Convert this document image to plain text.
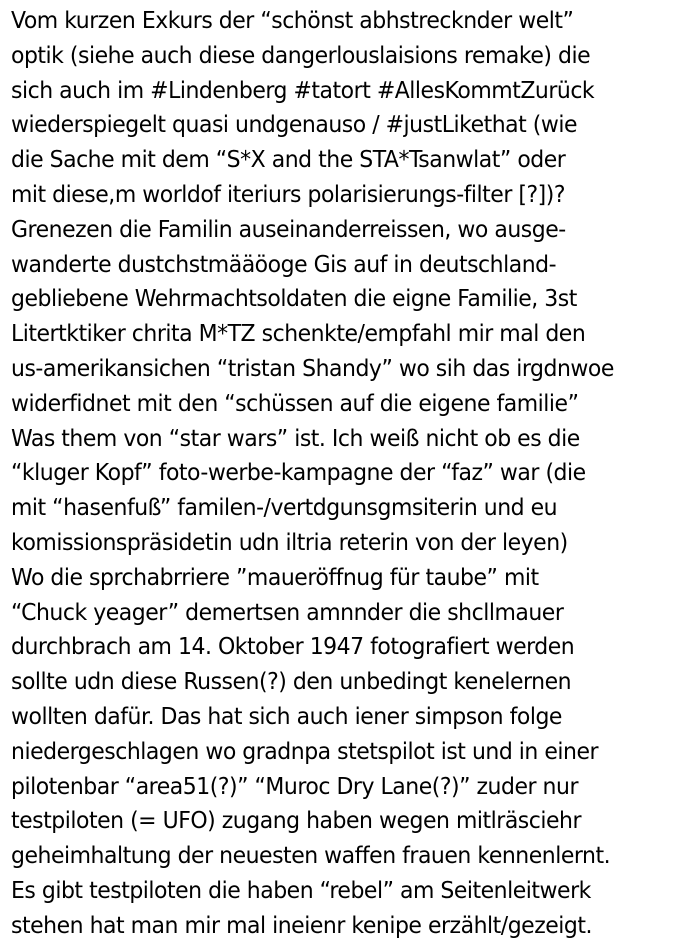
Vom kurzen Exkurs der “schönst abhstrecknder welt”
optik (siehe auch diese dangerlouslaisions remake) die
sich auch im #Lindenberg #tatort #AllesKommtZurück
wiederspiegelt quasi undgenauso / #justLikethat (wie
die Sache mit dem “S*X and the STA*Tsanwlat” oder
mit diese,m worldof iteriurs polarisierungs-filter [?])?
Grenezen die Familin auseinanderreissen, wo ausge-
wanderte dustchstmääöoge Gis auf in deutschland-
gebliebene Wehrmachtsoldaten die eigne Familie, 3st
Litertktiker chrita M*TZ schenkte/empfahl mir mal den
us-amerikansichen “tristan Shandy” wo sih das irgdnwoe
widerfidnet mit den “schüssen auf die eigene familie”
Was them von “star wars” ist. Ich weiß nicht ob es die
“kluger Kopf” foto-werbe-kampagne der “faz” war (die
mit “hasenfuß” familen-/vertdgunsgmsiterin und eu
komissionspräsidetin udn iltria reterin von der leyen)
Wo die sprchabrriere ”maueröffnug für taube” mit
“Chuck yeager” demertsen amnnder die shcllmauer
durchbrach am 14. Oktober 1947 fotografiert werden
sollte udn diese Russen(?) den unbedingt kenelernen
wollten dafür. Das hat sich auch iener simpson folge
niedergeschlagen wo gradnpa stetspilot ist und in einer
pilotenbar “area51(?)” “Muroc Dry Lane(?)” zuder nur
testpiloten (= UFO) zugang haben wegen mitlräsciehr
geheimhaltung der neuesten waffen frauen kennenlernt.
Es gibt testpiloten die haben “rebel” am Seitenleitwerk
stehen hat man mir mal ineienr kenipe erzählt/gezeigt.
